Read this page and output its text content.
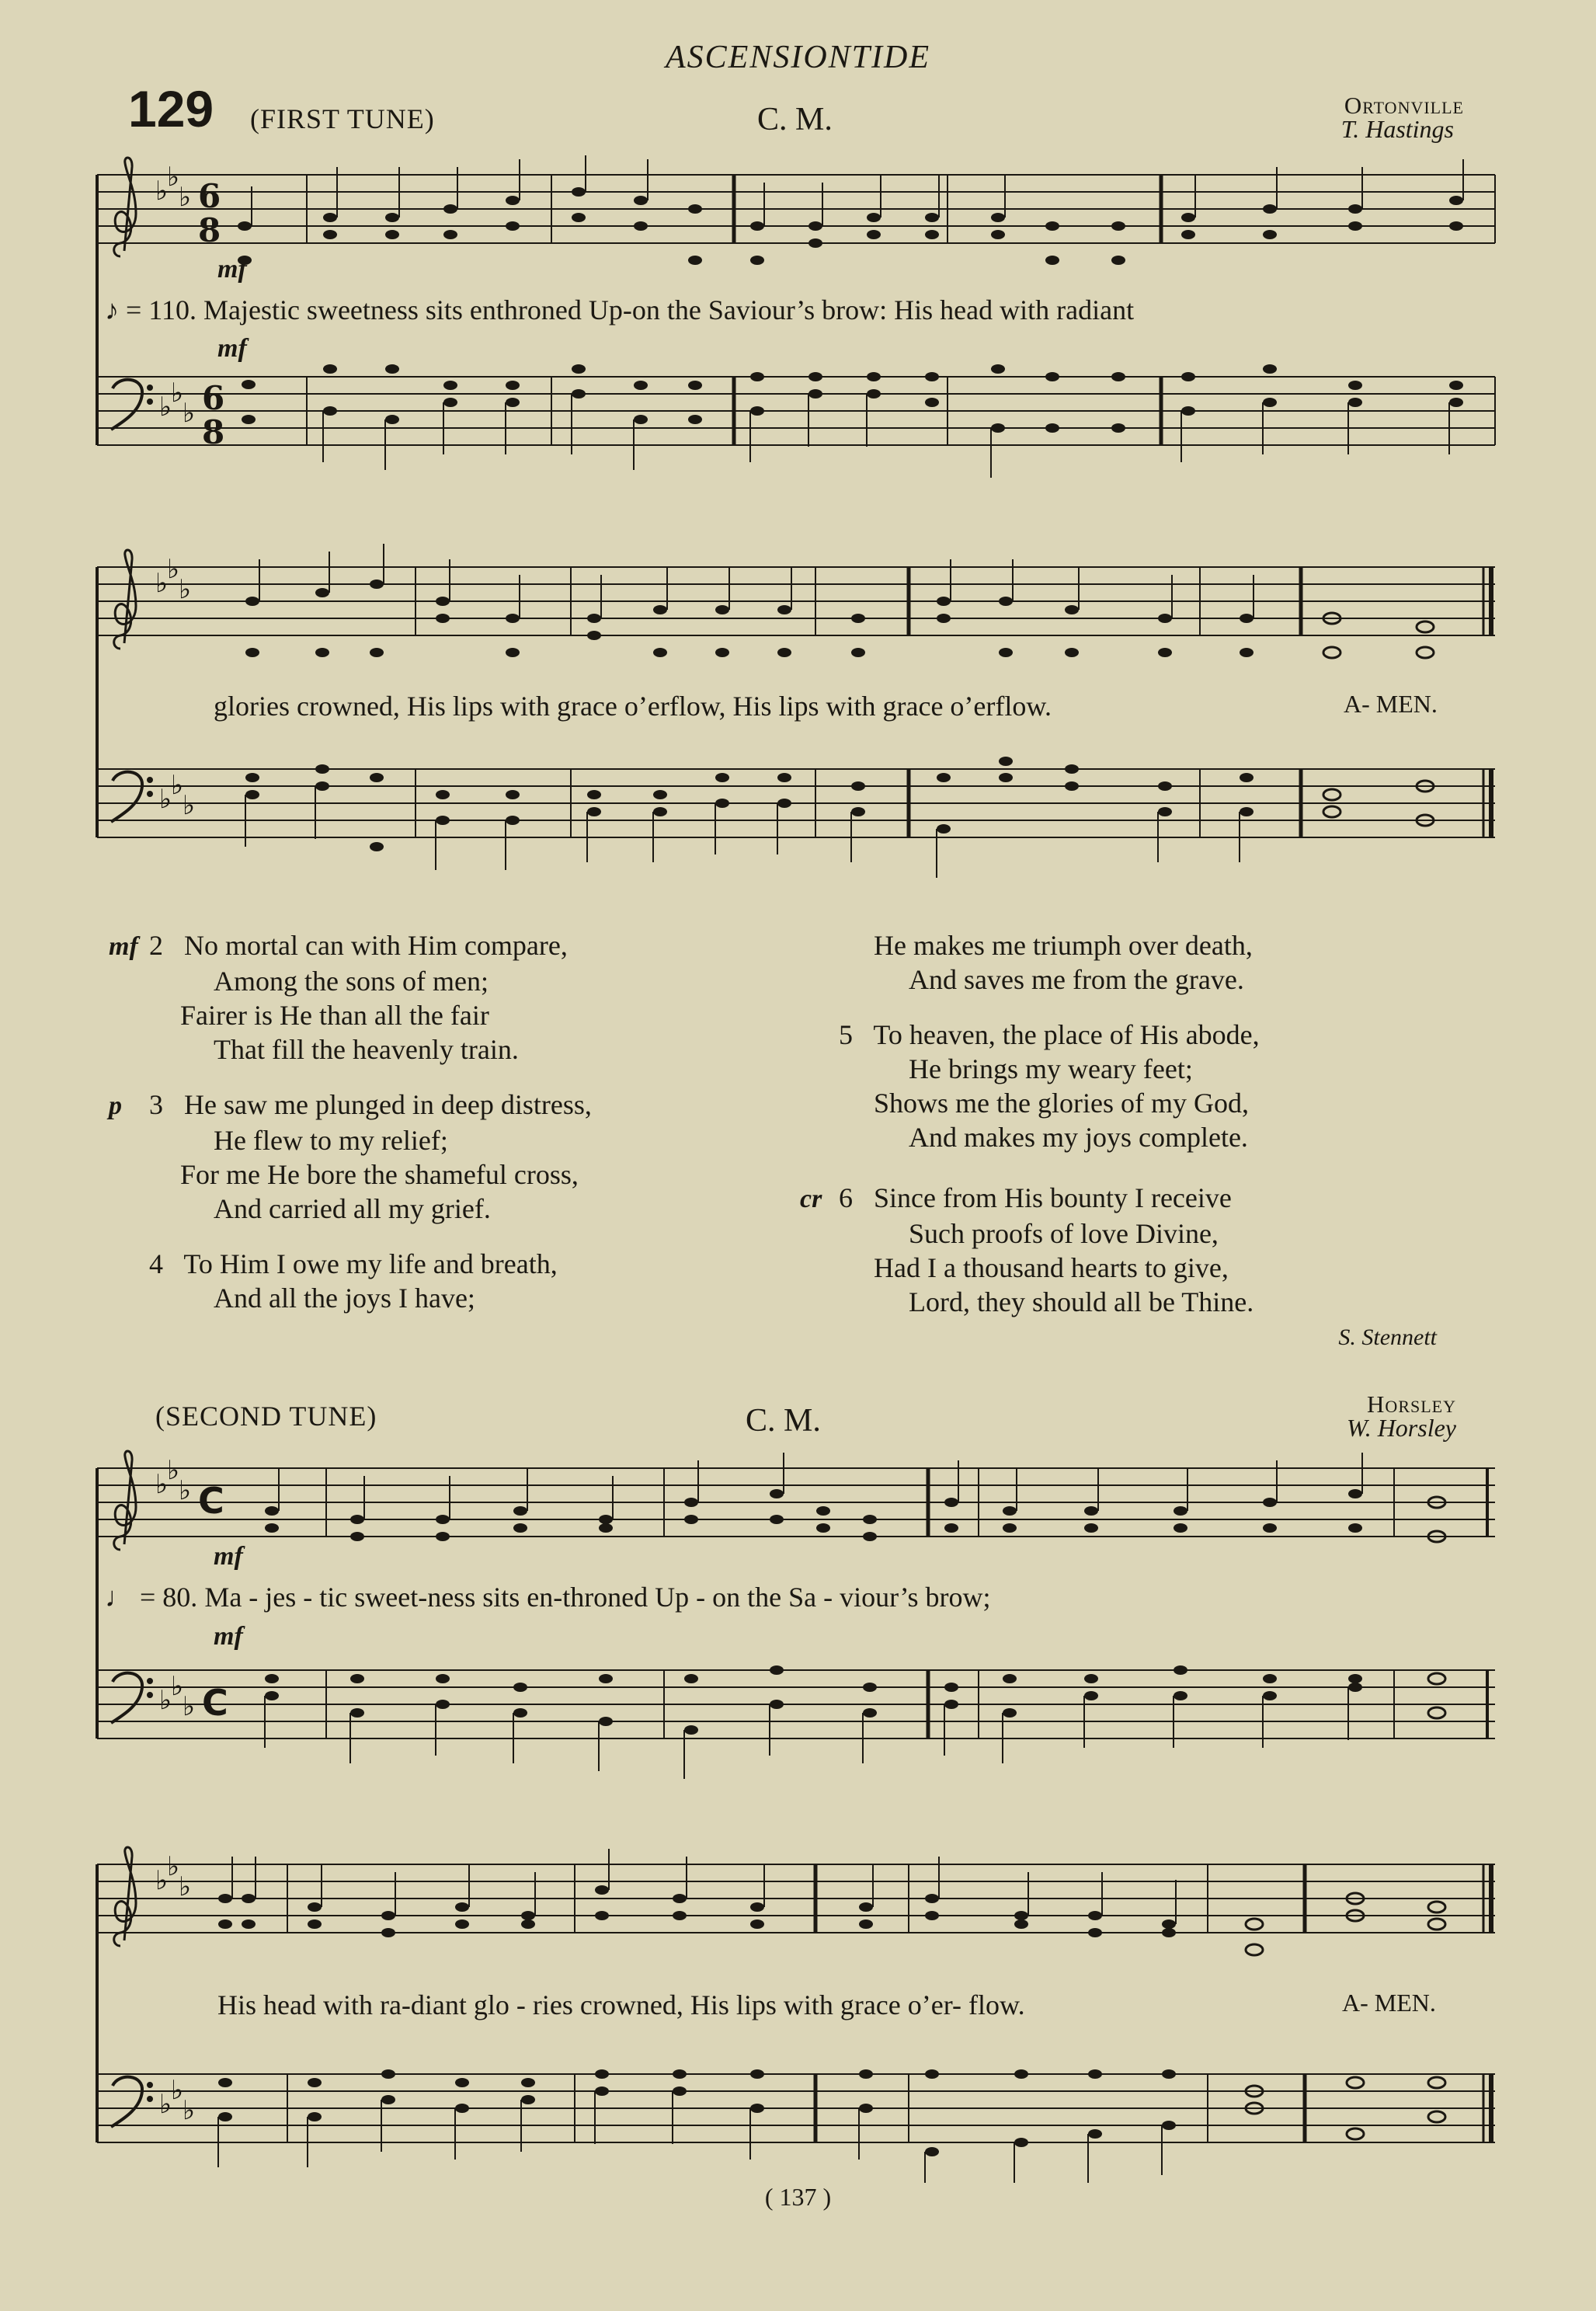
ASCENSIONTIDE
129 (FIRST TUNE)	C. M.	Ortonville
T. Hastings
♭
♭
♭
♭
♭
♭
6
8
6
8
mf
♪ = 110. Majestic sweetness sits enthroned Up-on the Saviour’s brow: His head with radiant
mf
♭
♭
♭
♭
♭
♭
glories crowned, His lips with grace o’erflow, His lips with grace o’erflow.	A- MEN.
mf 2 No mortal can with Him compare,
Among the sons of men;
Fairer is He than all the fair
That fill the heavenly train.
p 3 He saw me plunged in deep distress,
He flew to my relief;
For me He bore the shameful cross,
And carried all my grief.
4 To Him I owe my life and breath,
And all the joys I have;
He makes me triumph over death,
And saves me from the grave.
5 To heaven, the place of His abode,
He brings my weary feet;
Shows me the glories of my God,
And makes my joys complete.
cr 6 Since from His bounty I receive
Such proofs of love Divine,
Had I a thousand hearts to give,
Lord, they should all be Thine.
S. Stennett
(SECOND TUNE)	C. M.	Horsley
W. Horsley
♭
♭
♭
♭
♭
♭
C
C
mf
♩ = 80. Ma - jes - tic sweet-ness sits en-throned Up - on the Sa - viour’s brow;
mf
♭
♭
♭
♭
♭
♭
His head with ra-diant glo - ries crowned, His lips with grace o’er- flow.	A- MEN.
( 137 )
